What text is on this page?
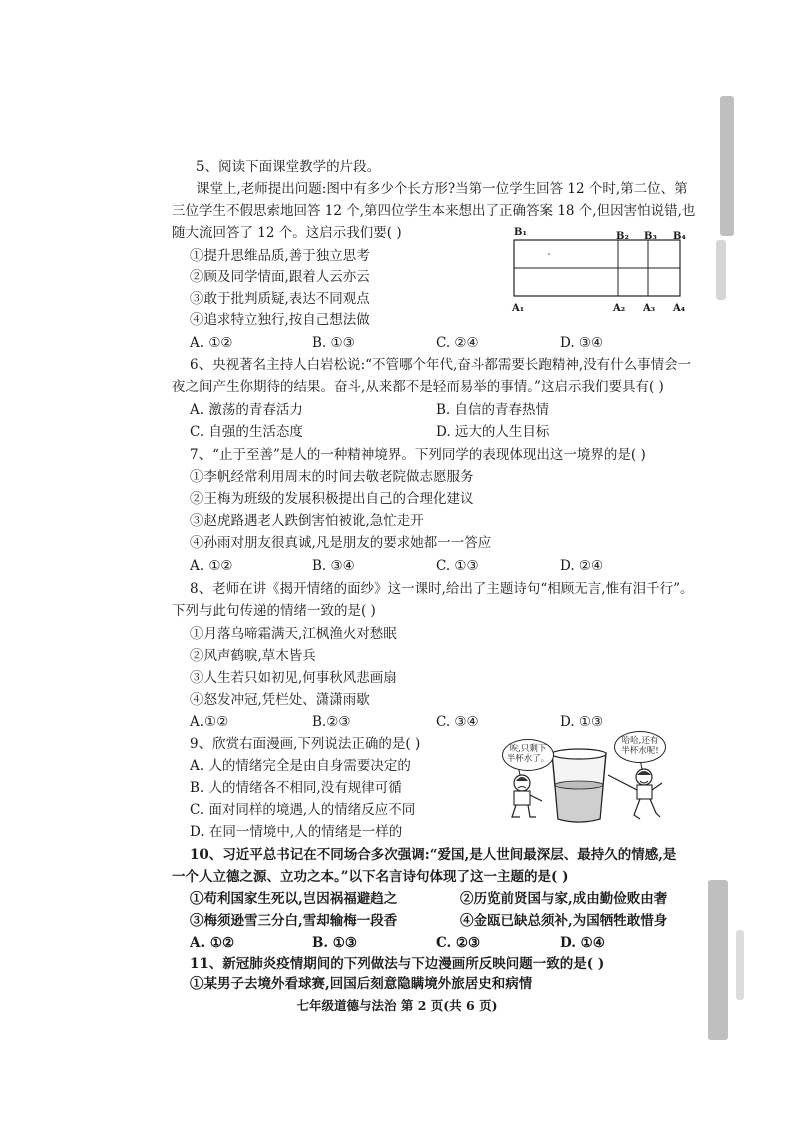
5、阅读下面课堂教学的片段。
课堂上,老师提出问题:图中有多少个长方形?当第一位学生回答 12 个时,第二位、第
三位学生不假思索地回答 12 个,第四位学生本来想出了正确答案 18 个,但因害怕说错,也
随大流回答了 12 个。这启示我们要( )
①提升思维品质,善于独立思考
②顾及同学情面,跟着人云亦云
③敢于批判质疑,表达不同观点
④追求特立独行,按自己想法做
A. ①②	B. ①③	C. ②④	D. ③④
B₁	B₂ B₃ B₄
A₁	A₂ A₃ A₄
6、央视著名主持人白岩松说:“不管哪个年代,奋斗都需要长跑精神,没有什么事情会一
夜之间产生你期待的结果。奋斗,从来都不是轻而易举的事情。”这启示我们要具有( )
A. 激荡的青春活力	B. 自信的青春热情
C. 自强的生活态度	D. 远大的人生目标
7、“止于至善”是人的一种精神境界。下列同学的表现体现出这一境界的是( )
①李帆经常利用周末的时间去敬老院做志愿服务
②王梅为班级的发展积极提出自己的合理化建议
③赵虎路遇老人跌倒害怕被讹,急忙走开
④孙雨对朋友很真诚,凡是朋友的要求她都一一答应
A. ①②	B. ③④	C. ①③	D. ②④
8、老师在讲《揭开情绪的面纱》这一课时,给出了主题诗句“相顾无言,惟有泪千行”。
下列与此句传递的情绪一致的是( )
①月落乌啼霜满天,江枫渔火对愁眠
②风声鹤唳,草木皆兵
③人生若只如初见,何事秋风悲画扇
④怒发冲冠,凭栏处、潇潇雨歇
A.①②	B.②③	C. ③④	D. ①③
9、欣赏右面漫画,下列说法正确的是( )
A. 人的情绪完全是由自身需要决定的
B. 人的情绪各不相同,没有规律可循
C. 面对同样的境遇,人的情绪反应不同
D. 在同一情境中,人的情绪是一样的
唉,只剩下半杯水了。
哈哈,还有半杯水呢!
10、习近平总书记在不同场合多次强调:“爱国,是人世间最深层、最持久的情感,是
一个人立德之源、立功之本。”以下名言诗句体现了这一主题的是( )
①苟利国家生死以,岂因祸福避趋之	②历览前贤国与家,成由勤俭败由奢
③梅须逊雪三分白,雪却输梅一段香	④金瓯已缺总须补,为国牺牲敢惜身
A. ①②	B. ①③	C. ②③	D. ①④
11、新冠肺炎疫情期间的下列做法与下边漫画所反映问题一致的是( )
七年级道德与法治 第 2 页(共 6 页)
①某男子去境外看球赛,回国后刻意隐瞒境外旅居史和病情
